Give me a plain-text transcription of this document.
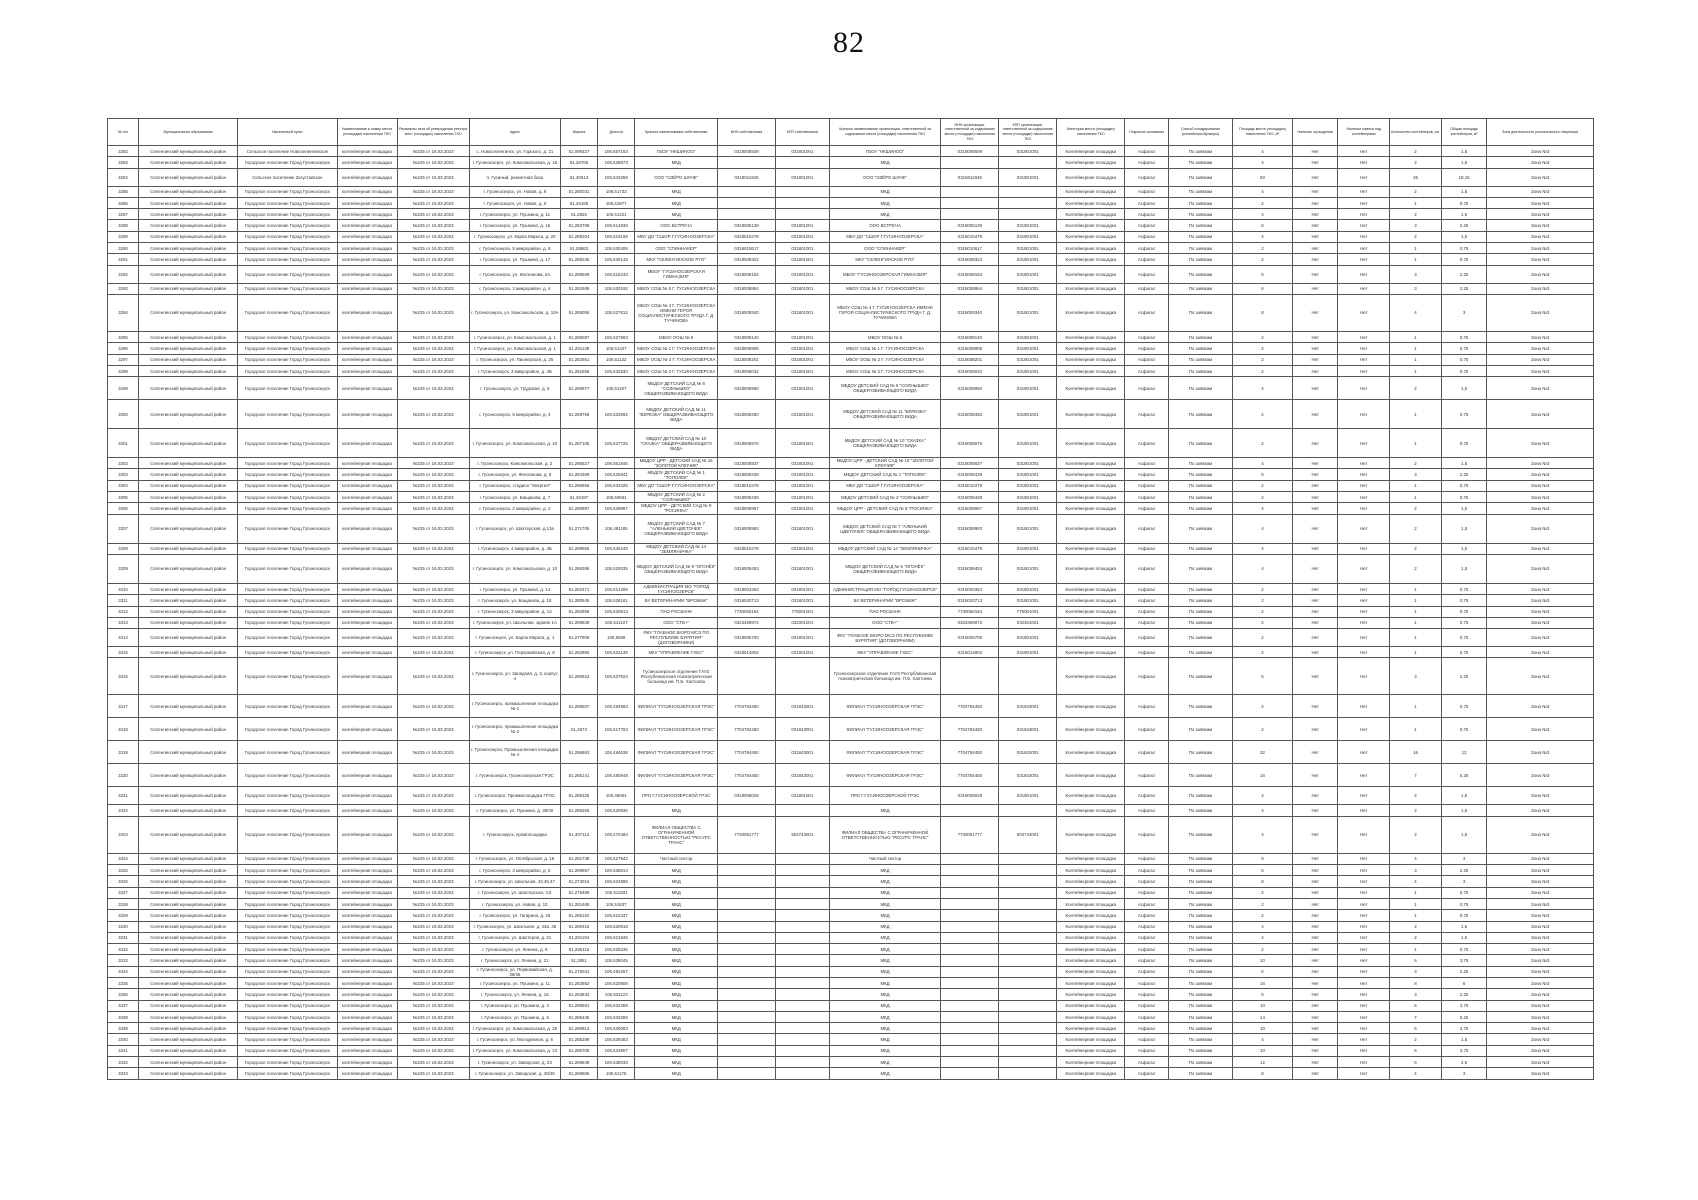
82
№ п/п	Муниципальное образование	Населенный пункт	Наименование и номер места (площадки) накопления ТКО	Реквизиты акта об утверждении реестра мест (площадок) накопления ТКО	Адрес	Широта	Долгота	Краткое наименование собственника	ИНН собственника	КПП собственника	Краткое наименование организации, ответственной за содержание места (площадки) накопления ТКО	ИНН организации, ответственной за содержание места (площадки) накопления ТКО	КПП организации, ответственной за содержание места (площадки) накопления ТКО	Категория места (площадки) накопления ТКО	Покрытие основания	Способ складирования (контейнеры/бункеры)	Площадь места (площадки) накопления ТКО, м²	Наличие ограждения	Наличие навеса над контейнерами	Количество контейнеров, шт.	Общая площадь контейнеров, м²	Зона деятельности регионального оператора
3282	Селенгинский муниципальный район	Сельское поселение Новоселенгинское	контейнерная площадка	№225 от 16.03.2023	с. Новоселенгинск, ул. Горького, д. 21	51,099227	106,657163	ГБОУ "НКШИНОО"	0318008509	031801001	ГБОУ "НКШИНОО"	0318008509	031801001	Контейнерная площадка	Асфальт	По заявкам	4	Нет	Нет	2	1,5	Зона №3
3283	Селенгинский муниципальный район	Городское поселение Город Гусиноозерск	контейнерная площадка	№225 от 16.03.2023	г. Гусиноозерск, ул. Комсомольская, д. 16	51,28765	106,528873	МКД			МКД			Контейнерная площадка	Асфальт	По заявкам	4	Нет	Нет	2	1,5	Зона №3
3284	Селенгинский муниципальный район	Сельское поселение Загустайское	контейнерная площадка	№225 от 16.03.2023	п. Гусиный, ремонтная база	51,40613	106,543258	ООО "ОЗЁРО ШУНЕ"	0318011945	031801001	ООО "ОЗЁРО ШУНЕ"	0318011945	031801001	Контейнерная площадка	Асфальт	По заявкам	50	Нет	Нет	26	18,15	Зона №3
3285	Селенгинский муниципальный район	Городское поселение Город Гусиноозерск	контейнерная площадка	№225 от 16.03.2023	г. Гусиноозерск, ул. Новая, д. 9	51,280031	106,51733	МКД			МКД			Контейнерная площадка	Асфальт	По заявкам	4	Нет	Нет	2	1,5	Зона №3
3286	Селенгинский муниципальный район	Городское поселение Город Гусиноозерск	контейнерная площадка	№225 от 16.03.2023	г. Гусиноозерск, ул. Новая, д. 6	51,28185	106,51877	МКД			МКД			Контейнерная площадка	Асфальт	По заявкам	2	Нет	Нет	1	0,75	Зона №3
3287	Селенгинский муниципальный район	Городское поселение Город Гусиноозерск	контейнерная площадка	№225 от 16.03.2023	г. Гусиноозерск, ул. Пушкина, д. 11	51,2826	106,51421	МКД			МКД			Контейнерная площадка	Асфальт	По заявкам	4	Нет	Нет	2	1,5	Зона №3
3288	Селенгинский муниципальный район	Городское поселение Город Гусиноозерск	контейнерная площадка	№225 от 16.03.2023	г. Гусиноозерск, ул. Пушкина, д. 15	51,283789	106,514839	ООО ВСТРЕЧА	0318005139	031801001	ООО ВСТРЕЧА	0318005139	031801001	Контейнерная площадка	Асфальт	По заявкам	6	Нет	Нет	3	2,25	Зона №3
3289	Селенгинский муниципальный район	Городское поселение Город Гусиноозерск	контейнерная площадка	№225 от 16.03.2023	г. Гусиноозерск, ул. Карла Маркса, д. 20	51,288204	106,519198	МБУ ДО "СШОР Г.ГУСИНООЗЕРСКА"	0318010479	031801001	МБУ ДО "СШОР Г.ГУСИНООЗЕРСКА"	0318010479	031801001	Контейнерная площадка	Асфальт	По заявкам	4	Нет	Нет	2	1,5	Зона №3
3290	Селенгинский муниципальный район	Городское поселение Город Гусиноозерск	контейнерная площадка	№225 от 16.03.2023	г. Гусиноозерск, 5 микрорайон, д. 9	51,28863	106,530409	ООО "СПИННАКЕР"	0318010617	031801001	ООО "СПИННАКЕР"	0318010617	031801001	Контейнерная площадка	Асфальт	По заявкам	2	Нет	Нет	1	0,75	Зона №3
3291	Селенгинский муниципальный район	Городское поселение Город Гусиноозерск	контейнерная площадка	№225 от 16.03.2023	г. Гусиноозерск, ул. Пушкина, д. 17	51,288236	106,530148	МКУ "СЕЛЕНГИНСКОЕ РУО"	0318008322	031801001	МКУ "СЕЛЕНГИНСКОЕ РУО"	0318008322	031801001	Контейнерная площадка	Асфальт	По заявкам	2	Нет	Нет	1	0,75	Зона №3
3292	Селенгинский муниципальный район	Городское поселение Город Гусиноозерск	контейнерная площадка	№225 от 16.03.2023	г. Гусиноозерск, ул. Железнова, 2А	51,288589	106,515233	МБОУ "ГУСИНООЗЕРСКАЯ ГИМНАЗИЯ"	0318008184	031801001	МБОУ "ГУСИНООЗЕРСКАЯ ГИМНАЗИЯ"	0318008184	031801001	Контейнерная площадка	Асфальт	По заявкам	6	Нет	Нет	3	2,25	Зона №3
3293	Селенгинский муниципальный район	Городское поселение Город Гусиноозерск	контейнерная площадка	№225 от 16.03.2023	г. Гусиноозерск, 3 микрорайон, д. 4	51,281689	106,530192	МБОУ СОШ № 5 Г. ГУСИНООЗЕРСКА	0318008864	031801001	МБОУ СОШ № 5 Г. ГУСИНООЗЕРСКА	0318008864	031801001	Контейнерная площадка	Асфальт	По заявкам	6	Нет	Нет	3	2,25	Зона №3
3294	Селенгинский муниципальный район	Городское поселение Город Гусиноозерск	контейнерная площадка	№225 от 16.03.2023	г. Гусиноозерск, ул. Комсомольская, д. 10А	51,285055	106,527812	МБОУ СОШ № 4 Г. ГУСИНООЗЕРСКА ИМЕНИ ГЕРОЯ СОЦИАЛИСТИЧЕСКОГО ТРУДА Г. Д. ТУЧИНОВА	0318009340	031801001	МБОУ СОШ № 4 Г. ГУСИНООЗЕРСКА ИМЕНИ ГЕРОЯ СОЦИАЛИСТИЧЕСКОГО ТРУДА Г. Д. ТУЧИНОВА	0318009340	031801001	Контейнерная площадка	Асфальт	По заявкам	8	Нет	Нет	4	3	Зона №3
3295	Селенгинский муниципальный район	Городское поселение Город Гусиноозерск	контейнерная площадка	№225 от 16.03.2023	г. Гусиноозерск, ул. Комсомольская, д. 1	51,286087	106,527803	МБОУ ООШ № 6	0318008140	031801001	МБОУ ООШ № 6	0318008140	031801001	Контейнерная площадка	Асфальт	По заявкам	2	Нет	Нет	1	0,75	Зона №3
3296	Селенгинский муниципальный район	Городское поселение Город Гусиноозерск	контейнерная площадка	№225 от 16.03.2023	г. Гусиноозерск, ул. Комсомольская, д. 1	51,281139	106,51347	МБОУ СОШ № 1 Г. ГУСИНООЗЕРСКА	0318008905	031801001	МБОУ СОШ № 1 Г. ГУСИНООЗЕРСКА	0318008905	031801001	Контейнерная площадка	Асфальт	По заявкам	2	Нет	Нет	1	0,75	Зона №3
3297	Селенгинский муниципальный район	Городское поселение Город Гусиноозерск	контейнерная площадка	№225 от 16.03.2023	г. Гусиноозерск, ул. Пионерская, д. 25	51,282661	106,51132	МБОУ ООШ № 2 Г. ГУСИНООЗЕРСКА	0318008201	031801001	МБОУ ООШ № 2 Г. ГУСИНООЗЕРСКА	0318008201	031801001	Контейнерная площадка	Асфальт	По заявкам	2	Нет	Нет	1	0,75	Зона №3
3298	Селенгинский муниципальный район	Городское поселение Город Гусиноозерск	контейнерная площадка	№225 от 16.03.2023	г. Гусиноозерск, 3 микрорайон, д. 4Б	51,281856	106,532830	МБОУ СОШ № 3 Г. ГУСИНООЗЕРСКА	0318008032	031801001	МБОУ СОШ № 3 Г. ГУСИНООЗЕРСКА	0318008032	031801001	Контейнерная площадка	Асфальт	По заявкам	2	Нет	Нет	1	0,75	Зона №3
3299	Селенгинский муниципальный район	Городское поселение Город Гусиноозерск	контейнерная площадка	№225 от 16.03.2023	г. Гусиноозерск, ул. Трудовая, д. 5	51,285977	106,51197	МБДОУ ДЕТСКИЙ САД № 6 "СОЛНЫШКО" ОБЩЕРАЗВИВАЮЩЕГО ВИДА	0318008960	031801001	МБДОУ ДЕТСКИЙ САД № 6 "СОЛНЫШКО" ОБЩЕРАЗВИВАЮЩЕГО ВИДА	0318008960	031801001	Контейнерная площадка	Асфальт	По заявкам	4	Нет	Нет	2	1,5	Зона №3
3300	Селенгинский муниципальный район	Городское поселение Город Гусиноозерск	контейнерная площадка	№225 от 16.03.2023	г. Гусиноозерск, 5 микрорайон, д. 4	51,289759	106,533592	МБДОУ ДЕТСКИЙ САД № 11 "БЕРЕЗКА" ОБЩЕРАЗВИВАЮЩЕГО ВИДА	0318008460	031801001	МБДОУ ДЕТСКИЙ САД № 11 "БЕРЕЗКА" ОБЩЕРАЗВИВАЮЩЕГО ВИДА	0318008460	031801001	Контейнерная площадка	Асфальт	По заявкам	2	Нет	Нет	1	0,75	Зона №3
3301	Селенгинский муниципальный район	Городское поселение Город Гусиноозерск	контейнерная площадка	№225 от 16.03.2023	г. Гусиноозерск, ул. Комсомольская, д. 10	51,287105	106,527725	МБДОУ ДЕТСКИЙ САД № 10 "СКАЗКА" ОБЩЕРАЗВИВАЮЩЕГО ВИДА	0318008976	031801001	МБДОУ ДЕТСКИЙ САД № 10 "СКАЗКА" ОБЩЕРАЗВИВАЮЩЕГО ВИДА	0318008976	031801001	Контейнерная площадка	Асфальт	По заявкам	2	Нет	Нет	1	0,75	Зона №3
3302	Селенгинский муниципальный район	Городское поселение Город Гусиноозерск	контейнерная площадка	№225 от 16.03.2023	г. Гусиноозерск, Комсомольская, д. 2	51,286527	106,561846	МБДОУ ЦРР - ДЕТСКИЙ САД № 15 "ЗОЛОТОЙ КЛЮЧИК"	0318008837	031801001	МБДОУ ЦРР - ДЕТСКИЙ САД № 15 "ЗОЛОТОЙ КЛЮЧИК"	0318008837	031801001	Контейнерная площадка	Асфальт	По заявкам	4	Нет	Нет	2	1,5	Зона №3
3303	Селенгинский муниципальный район	Городское поселение Город Гусиноозерск	контейнерная площадка	№225 от 16.03.2023	г. Гусиноозерск, ул. Железнова, д. 8	51,284389	106,525941	МБДОУ ДЕТСКИЙ САД № 1 "ТОПОЛЕК"	0318008439	031801001	МБДОУ ДЕТСКИЙ САД № 1 "ТОПОЛЕК"	0318008439	031801001	Контейнерная площадка	Асфальт	По заявкам	6	Нет	Нет	3	2,25	Зона №3
3304	Селенгинский муниципальный район	Городское поселение Город Гусиноозерск	контейнерная площадка	№225 от 16.03.2023	г. Гусиноозерск, стадион "Энергия"	51,286966	106,533425	МБУ ДО "СШОР Г.ГУСИНООЗЕРСКА"	0318010479	031801001	МБУ ДО "СШОР Г.ГУСИНООЗЕРСКА"	0318010479	031801001	Контейнерная площадка	Асфальт	По заявкам	2	Нет	Нет	1	0,75	Зона №3
3305	Селенгинский муниципальный район	Городское поселение Город Гусиноозерск	контейнерная площадка	№225 от 16.03.2023	г. Гусиноозерск, ул. Бащакова, д. 7	51,28187	106,50651	МБДОУ ДЕТСКИЙ САД № 2 "СОЛНЫШКО"	0318008438	031801001	МБДОУ ДЕТСКИЙ САД № 2 "СОЛНЫШКО"	0318008438	031801001	Контейнерная площадка	Асфальт	По заявкам	2	Нет	Нет	1	0,75	Зона №3
3306	Селенгинский муниципальный район	Городское поселение Город Гусиноозерск	контейнерная площадка	№225 от 16.03.2023	г. Гусиноозерск, 2 микрорайон, д. 2	51,290987	106,529997	МБДОУ ЦРР - ДЕТСКИЙ САД № 8 "РОСИНКА"	0318008957	031801001	МБДОУ ЦРР - ДЕТСКИЙ САД № 8 "РОСИНКА"	0318008957	031801001	Контейнерная площадка	Асфальт	По заявкам	4	Нет	Нет	2	1,5	Зона №3
3307	Селенгинский муниципальный район	Городское поселение Город Гусиноозерск	контейнерная площадка	№225 от 16.03.2023	г. Гусиноозерск, ул. Шахтерская, д.13а	51,271705	106,491185	МБДОУ ДЕТСКИЙ САД № 7 "АЛЕНЬКИЙ ЦВЕТОЧЕК" ОБЩЕРАЗВИВАЮЩЕГО ВИДА	0318008983	031801001	МБДОУ ДЕТСКИЙ САД № 7 "АЛЕНЬКИЙ ЦВЕТОЧЕК" ОБЩЕРАЗВИВАЮЩЕГО ВИДА	0318008983	031801001	Контейнерная площадка	Асфальт	По заявкам	4	Нет	Нет	2	1,5	Зона №3
3308	Селенгинский муниципальный район	Городское поселение Город Гусиноозерск	контейнерная площадка	№225 от 16.03.2023	г. Гусиноозерск, 4 микрорайон, д. 4Б	51,288566	106,536248	МБДОУ ДЕТСКИЙ САД № 14 "ЗЕМЛЯНИЧКА"	0318010479	031801001	МБДОУ ДЕТСКИЙ САД № 14 "ЗЕМЛЯНИЧКА"	0318010479	031801001	Контейнерная площадка	Асфальт	По заявкам	4	Нет	Нет	2	1,5	Зона №3
3309	Селенгинский муниципальный район	Городское поселение Город Гусиноозерск	контейнерная площадка	№225 от 16.03.2023	г. Гусиноозерск, ул. Комсомольская, д. 10	51,286386	106,529335	МБДОУ ДЕТСКИЙ САД № 9 "ОГОНЁК" ОБЩЕРАЗВИВАЮЩЕГО ВИДА	0318008453	031801001	МБДОУ ДЕТСКИЙ САД № 9 "ОГОНЁК" ОБЩЕРАЗВИВАЮЩЕГО ВИДА	0318008453	031801001	Контейнерная площадка	Асфальт	По заявкам	4	Нет	Нет	2	1,5	Зона №3
3310	Селенгинский муниципальный район	Городское поселение Город Гусиноозерск	контейнерная площадка	№225 от 16.03.2023	г. Гусиноозерск, ул. Пушкина, д. 14	51,282471	106,514206	АДМИНИСТРАЦИЯ МО "ГОРОД ГУСИНООЗЕРСК"	0318003364	031801001	АДМИНИСТРАЦИЯ МО "ГОРОД ГУСИНООЗЕРСК"	0318003364	031801001	Контейнерная площадка	Асфальт	По заявкам	2	Нет	Нет	1	0,75	Зона №3
3311	Селенгинский муниципальный район	Городское поселение Город Гусиноозерск	контейнерная площадка	№225 от 16.03.2023	г. Гусиноозерск, ул. Бащакова, д. 18	51,280545	106,526181	БУ ВЕТЕРИНАРИИ "ВРСББЖ"	0318020713	031801001	БУ ВЕТЕРИНАРИИ "ВРСББЖ"	0318020713	031801001	Контейнерная площадка	Асфальт	По заявкам	2	Нет	Нет	1	0,75	Зона №3
3312	Селенгинский муниципальный район	Городское поселение Город Гусиноозерск	контейнерная площадка	№225 от 16.03.2023	г. Гусиноозерск, 3 микрорайон, д. 13	51,282959	106,530813	ПАО РОСБАНК	7730060164	775001001	ПАО РОСБАНК	7730060164	775001001	Контейнерная площадка	Асфальт	По заявкам	2	Нет	Нет	1	0,75	Зона №3
3313	Селенгинский муниципальный район	Городское поселение Город Гусиноозерск	контейнерная площадка	№225 от 16.03.2023	г. Гусиноозерск, ул. Школьная, здание 1А	51,289839	106,541107	ООО "СТБ+"	0323469872	032301001	ООО "СТБ+"	0323469872	032301001	Контейнерная площадка	Асфальт	По заявкам	2	Нет	Нет	1	0,75	Зона №3
3314	Селенгинский муниципальный район	Городское поселение Город Гусиноозерск	контейнерная площадка	№225 от 16.03.2023	г. Гусиноозерск, ул. Карла Маркса, д. 1	51,277906	106,5069	ФКУ "ГЛАВНОЕ БЮРО МСЭ ПО РЕСПУБЛИКЕ БУРЯТИЯ" (ДОГОВОРНИКИ)	0318005700	031801001	ФКУ "ГЛАВНОЕ БЮРО МСЭ ПО РЕСПУБЛИКЕ БУРЯТИЯ" (ДОГОВОРНИКИ)	0318005700	031801001	Контейнерная площадка	Асфальт	По заявкам	2	Нет	Нет	1	0,75	Зона №3
3315	Селенгинский муниципальный район	Городское поселение Город Гусиноозерск	контейнерная площадка	№225 от 16.03.2023	г. Гусиноозерск, ул. Первомайская, д. 8	51,282896	106,522135	МКУ "УПРАВЛЕНИЕ ГХЕС"	0318014802	031801001	МКУ "УПРАВЛЕНИЕ ГХЕС"	0318014802	031801001	Контейнерная площадка	Асфальт	По заявкам	2	Нет	Нет	1	0,75	Зона №3
3316	Селенгинский муниципальный район	Городское поселение Город Гусиноозерск	контейнерная площадка	№225 от 16.03.2023	г. Гусиноозерск, ул. Западная, д. 3, корпус 4	51,280523	106,537924	Гусиноозерское отделение ГАУЗ Республиканская психиатрическая больница им. П.Б. Хаптоева			Гусиноозерское отделение ГАУЗ Республиканская психиатрическая больница им. П.Б. Хаптоева			Контейнерная площадка	Асфальт	По заявкам	6	Нет	Нет	3	2,25	Зона №3
3317	Селенгинский муниципальный район	Городское поселение Город Гусиноозерск	контейнерная площадка	№225 от 16.03.2023	г. Гусиноозерск, промышленная площадка № 1	51,288507	106,494963	ФИЛИАЛ "ГУСИНООЗЕРСКАЯ ГРЭС"	7704784450	031843001	ФИЛИАЛ "ГУСИНООЗЕРСКАЯ ГРЭС"	7704784450	031843001	Контейнерная площадка	Асфальт	По заявкам	2	Нет	Нет	1	0,75	Зона №3
3318	Селенгинский муниципальный район	Городское поселение Город Гусиноозерск	контейнерная площадка	№225 от 16.03.2023	г. Гусиноозерск, промышленная площадка № 2	51,2873	106,517703	ФИЛИАЛ "ГУСИНООЗЕРСКАЯ ГРЭС"	7704784450	031843001	ФИЛИАЛ "ГУСИНООЗЕРСКАЯ ГРЭС"	7704784450	031843001	Контейнерная площадка	Асфальт	По заявкам	2	Нет	Нет	1	0,75	Зона №3
3319	Селенгинский муниципальный район	Городское поселение Город Гусиноозерск	контейнерная площадка	№225 от 16.03.2023	г. Гусиноозерск, Промышленная площадка № 4	51,286863	106,484638	ФИЛИАЛ "ГУСИНООЗЕРСКАЯ ГРЭС"	7704784450	031843001	ФИЛИАЛ "ГУСИНООЗЕРСКАЯ ГРЭС"	7704784450	031843001	Контейнерная площадка	Асфальт	По заявкам	32	Нет	Нет	16	12	Зона №3
3320	Селенгинский муниципальный район	Городское поселение Город Гусиноозерск	контейнерная площадка	№225 от 16.03.2023	г. Гусиноозерск, Гусиноозерская ГРЭС	51,285141	106,480948	ФИЛИАЛ "ГУСИНООЗЕРСКАЯ ГРЭС"	7704784450	031843001	ФИЛИАЛ "ГУСИНООЗЕРСКАЯ ГРЭС"	7704784450	031843001	Контейнерная площадка	Асфальт	По заявкам	16	Нет	Нет	7	5,25	Зона №3
3321	Селенгинский муниципальный район	Городское поселение Город Гусиноозерск	контейнерная площадка	№225 от 16.03.2023	г. Гусиноозерск, Проммплощадка ГРЭС	51,285325	106,48064	ПРО Г.ГУСИНООЗЕРСКОЙ ГРЭС	0318008028	031801001	ПРО Г.ГУСИНООЗЕРСКОЙ ГРЭС	0318008028	031801001	Контейнерная площадка	Асфальт	По заявкам	4	Нет	Нет	2	1,5	Зона №3
3322	Селенгинский муниципальный район	Городское поселение Город Гусиноозерск	контейнерная площадка	№225 от 16.03.2023	г. Гусиноозерск, ул. Пушкина, д. 38/40	51,286265	106,520936	МКД			МКД			Контейнерная площадка	Асфальт	По заявкам	4	Нет	Нет	2	1,5	Зона №3
3323	Селенгинский муниципальный район	Городское поселение Город Гусиноозерск	контейнерная площадка	№225 от 16.03.2023	г. Гусиноозерск, промплощадка	51,307113	106,470484	ФИЛИАЛ ОБЩЕСТВА С ОГРАНИЧЕННОЙ ОТВЕТСТВЕННОСТЬЮ "РЕСУРС ТРАНС"	7730051777	504743001	ФИЛИАЛ ОБЩЕСТВА С ОГРАНИЧЕННОЙ ОТВЕТСТВЕННОСТЬЮ "РЕСУРС ТРАНС"	7730051777	504743001	Контейнерная площадка	Асфальт	По заявкам	4	Нет	Нет	2	1,5	Зона №3
3324	Селенгинский муниципальный район	Городское поселение Город Гусиноозерск	контейнерная площадка	№225 от 16.03.2023	г. Гусиноозерск, ул. Октябрьская, д. 18	51,281738	106,527842	Частный сектор			Частный сектор			Контейнерная площадка	Асфальт	По заявкам	8	Нет	Нет	4	3	Зона №3
3325	Селенгинский муниципальный район	Городское поселение Город Гусиноозерск	контейнерная площадка	№225 от 16.03.2023	г. Гусиноозерск, 3 микрорайон, д. 5	51,289957	106,536814	МКД			МКД			Контейнерная площадка	Асфальт	По заявкам	6	Нет	Нет	3	2,25	Зона №3
3326	Селенгинский муниципальный район	Городское поселение Город Гусиноозерск	контейнерная площадка	№225 от 16.03.2023	г. Гусиноозерск, ул. Школьная, 43,45,47	51,274016	106,524899	МКД			МКД			Контейнерная площадка	Асфальт	По заявкам	8	Нет	Нет	4	3	Зона №3
3327	Селенгинский муниципальный район	Городское поселение Город Гусиноозерск	контейнерная площадка	№225 от 16.03.2023	г. Гусиноозерск, ул. Шахтерская, 3,5	51,275489	106,511831	МКД			МКД			Контейнерная площадка	Асфальт	По заявкам	2	Нет	Нет	1	0,75	Зона №3
3328	Селенгинский муниципальный район	Городское поселение Город Гусиноозерск	контейнерная площадка	№225 от 16.03.2023	г. Гусиноозерск, ул. Новая, д. 10	51,281465	106,51637	МКД			МКД			Контейнерная площадка	Асфальт	По заявкам	2	Нет	Нет	1	0,75	Зона №3
3329	Селенгинский муниципальный район	Городское поселение Город Гусиноозерск	контейнерная площадка	№225 от 16.03.2023	г. Гусиноозерск, ул. Гагарина, д. 26	51,285162	106,522347	МКД			МКД			Контейнерная площадка	Асфальт	По заявкам	2	Нет	Нет	1	0,75	Зона №3
3330	Селенгинский муниципальный район	Городское поселение Город Гусиноозерск	контейнерная площадка	№225 от 16.03.2023	г. Гусиноозерск, ул. Школьная, д. 43а, 45	51,280415	106,520918	МКД			МКД			Контейнерная площадка	Асфальт	По заявкам	4	Нет	Нет	2	1,5	Зона №3
3331	Селенгинский муниципальный район	Городское поселение Город Гусиноозерск	контейнерная площадка	№225 от 16.03.2023	г. Гусиноозерск, ул. Шахтеров, д. 21	51,281194	106,521846	МКД			МКД			Контейнерная площадка	Асфальт	По заявкам	4	Нет	Нет	2	1,5	Зона №3
3332	Селенгинский муниципальный район	Городское поселение Город Гусиноозерск	контейнерная площадка	№225 от 16.03.2023	г. Гусиноозерск, ул. Ленина, д. 9	51,286116	106,525236	МКД			МКД			Контейнерная площадка	Асфальт	По заявкам	2	Нет	Нет	1	0,75	Зона №3
3333	Селенгинский муниципальный район	Городское поселение Город Гусиноозерск	контейнерная площадка	№225 от 16.03.2023	г. Гусиноозерск, ул. Ленина, д. 21	51,2851	106,539045	МКД			МКД			Контейнерная площадка	Асфальт	По заявкам	10	Нет	Нет	5	3,75	Зона №3
3334	Селенгинский муниципальный район	Городское поселение Город Гусиноозерск	контейнерная площадка	№225 от 16.03.2023	г. Гусиноозерск, ул. Первомайская, д. 38/36	51,275041	106,492267	МКД			МКД			Контейнерная площадка	Асфальт	По заявкам	6	Нет	Нет	3	2,25	Зона №3
3335	Селенгинский муниципальный район	Городское поселение Город Гусиноозерск	контейнерная площадка	№225 от 16.03.2023	г. Гусиноозерск, ул. Пушкина, д. 11	51,283952	106,520808	МКД			МКД			Контейнерная площадка	Асфальт	По заявкам	16	Нет	Нет	8	6	Зона №3
3336	Селенгинский муниципальный район	Городское поселение Город Гусиноозерск	контейнерная площадка	№225 от 16.03.2023	г. Гусиноозерск, ул. Ленина, д. 16	51,283834	106,531123	МКД			МКД			Контейнерная площадка	Асфальт	По заявкам	6	Нет	Нет	3	2,25	Зона №3
3337	Селенгинский муниципальный район	Городское поселение Город Гусиноозерск	контейнерная площадка	№225 от 16.03.2023	г. Гусиноозерск, ул. Пушкина, д. 4	51,285591	106,532359	МКД			МКД			Контейнерная площадка	Асфальт	По заявкам	10	Нет	Нет	5	3,75	Зона №3
3338	Селенгинский муниципальный район	Городское поселение Город Гусиноозерск	контейнерная площадка	№225 от 16.03.2023	г. Гусиноозерск, ул. Пушкина, д. 5	51,285436	106,533369	МКД			МКД			Контейнерная площадка	Асфальт	По заявкам	14	Нет	Нет	7	5,25	Зона №3
3339	Селенгинский муниципальный район	Городское поселение Город Гусиноозерск	контейнерная площадка	№225 от 16.03.2023	г. Гусиноозерск, ул. Комсомольская, д. 25	51,286913	106,530083	МКД			МКД			Контейнерная площадка	Асфальт	По заявкам	10	Нет	Нет	5	3,75	Зона №3
3340	Селенгинский муниципальный район	Городское поселение Город Гусиноозерск	контейнерная площадка	№225 от 16.03.2023	г. Гусиноозерск, ул. Молодежная, д. 5	51,286289	106,539483	МКД			МКД			Контейнерная площадка	Асфальт	По заявкам	4	Нет	Нет	2	1,5	Зона №3
3341	Селенгинский муниципальный район	Городское поселение Город Гусиноозерск	контейнерная площадка	№225 от 16.03.2023	г. Гусиноозерск, ул. Комсомольская, д. 23	51,285706	106,534867	МКД			МКД			Контейнерная площадка	Асфальт	По заявкам	10	Нет	Нет	5	3,75	Зона №3
3342	Селенгинский муниципальный район	Городское поселение Город Гусиноозерск	контейнерная площадка	№225 от 16.03.2023	г. Гусиноозерск, ул. Заводская, д. 23	51,289848	106,538033	МКД			МКД			Контейнерная площадка	Асфальт	По заявкам	12	Нет	Нет	6	4,5	Зона №3
3343	Селенгинский муниципальный район	Городское поселение Город Гусиноозерск	контейнерная площадка	№225 от 16.03.2023	г. Гусиноозерск, ул. Заводская, д. 28/30	51,288686	106,51175	МКД			МКД			Контейнерная площадка	Асфальт	По заявкам	8	Нет	Нет	4	3	Зона №3
